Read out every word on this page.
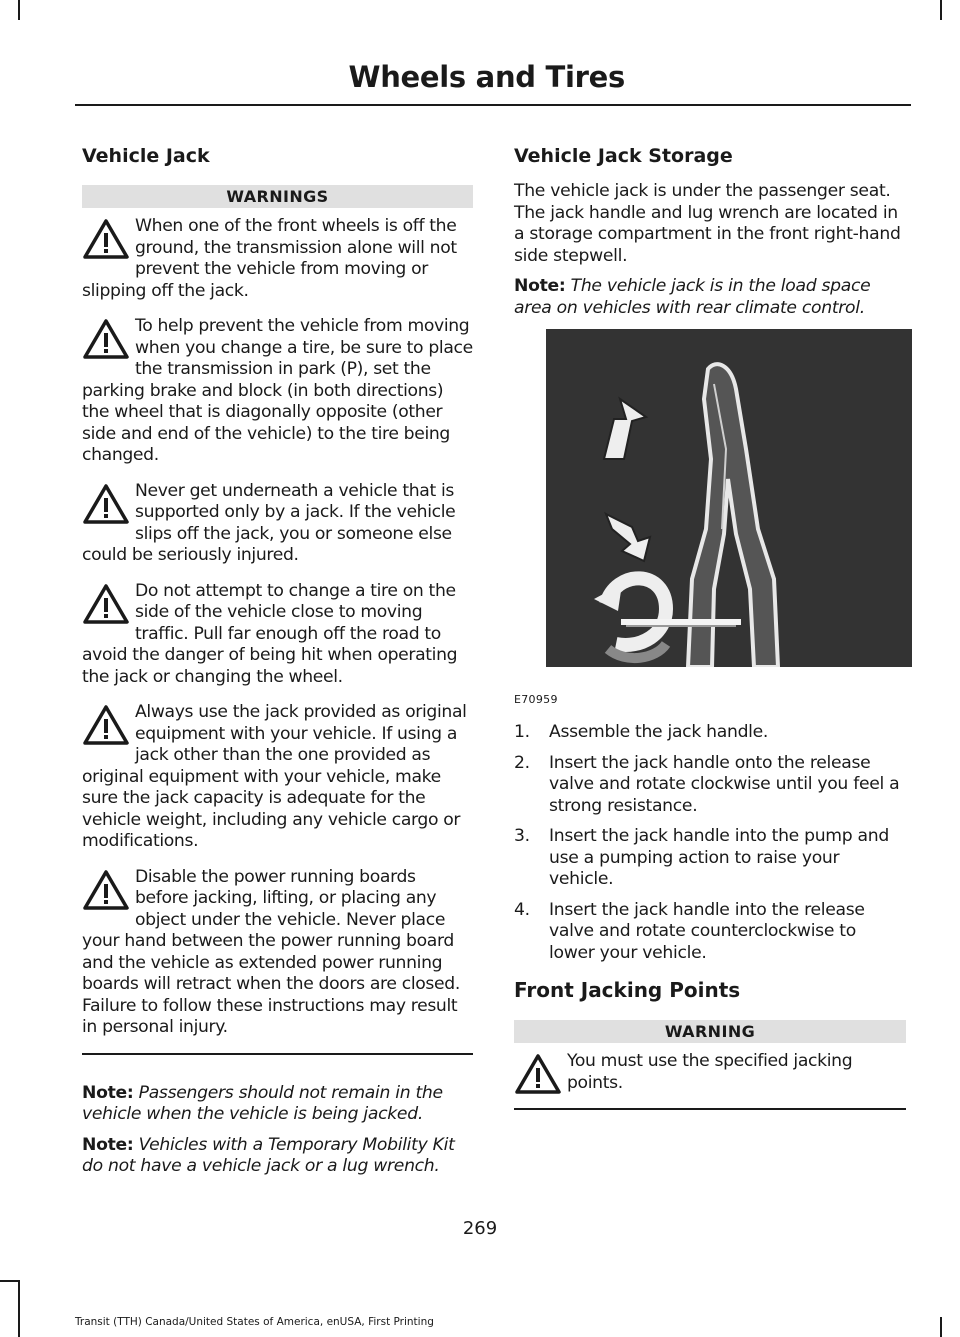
Wheels and Tires
Vehicle Jack
WARNINGS
When one of the front wheels is off the ground, the transmission alone will not prevent the vehicle from moving or slipping off the jack.
To help prevent the vehicle from moving when you change a tire, be sure to place the transmission in park (P), set the parking brake and block (in both directions) the wheel that is diagonally opposite (other side and end of the vehicle) to the tire being changed.
Never get underneath a vehicle that is supported only by a jack. If the vehicle slips off the jack, you or someone else could be seriously injured.
Do not attempt to change a tire on the side of the vehicle close to moving traffic. Pull far enough off the road to avoid the danger of being hit when operating the jack or changing the wheel.
Always use the jack provided as original equipment with your vehicle. If using a jack other than the one provided as original equipment with your vehicle, make sure the jack capacity is adequate for the vehicle weight, including any vehicle cargo or modifications.
Disable the power running boards before jacking, lifting, or placing any object under the vehicle. Never place your hand between the power running board and the vehicle as extended power running boards will retract when the doors are closed. Failure to follow these instructions may result in personal injury.

Note: Passengers should not remain in the vehicle when the vehicle is being jacked.

Note: Vehicles with a Temporary Mobility Kit do not have a vehicle jack or a lug wrench.

Vehicle Jack Storage

The vehicle jack is under the passenger seat. The jack handle and lug wrench are located in a storage compartment in the front right-hand side stepwell.

Note: The vehicle jack is in the load space area on vehicles with rear climate control.

E70959
1. Assemble the jack handle.
2. Insert the jack handle onto the release valve and rotate clockwise until you feel a strong resistance.
3. Insert the jack handle into the pump and use a pumping action to raise your vehicle.
4. Insert the jack handle into the release valve and rotate counterclockwise to lower your vehicle.
Front Jacking Points
WARNING
You must use the specified jacking points.
269
Transit (TTH) Canada/United States of America, enUSA, First Printing
